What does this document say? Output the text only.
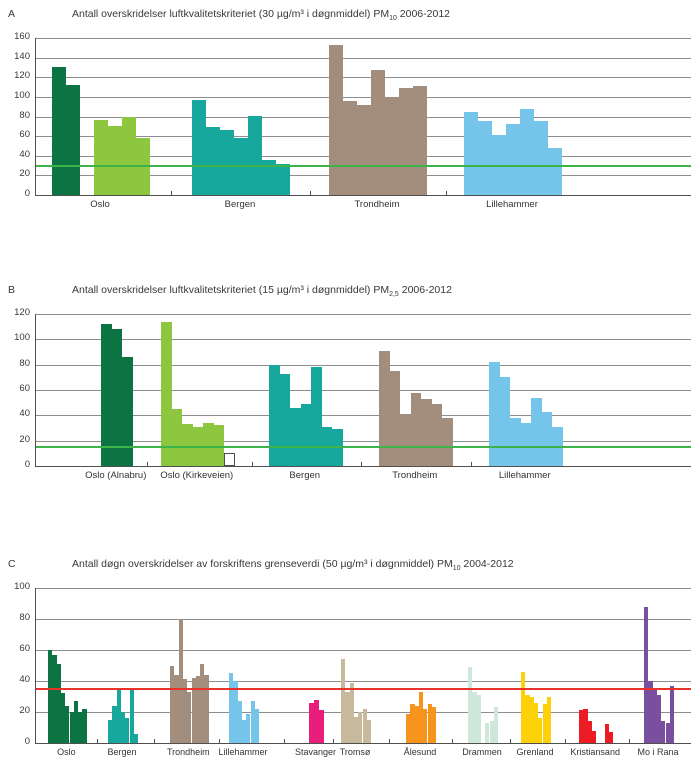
A	Antall overskridelser luftkvalitetskriteriet (30 µg/m³ i døgnmiddel) $PM_{10}$ 2006-2012
0
20
40
60
80
100
120
140
160
Oslo	Bergen	Trondheim	Lillehammer
B	Antall overskridelser luftkvalitetskriteriet (15 µg/m³ i døgnmiddel) $PM_{2,5}$ 2006-2012
0
20
40
60
80
100
120
Oslo (Alnabru) Oslo (Kirkeveien)	Bergen	Trondheim	Lillehammer
C	Antall døgn overskridelser av forskriftens grenseverdi (50 µg/m³ i døgnmiddel) $PM_{10}$ 2004-2012
0
20
40
60
80
100
Oslo	Bergen	Trondheim Lillehammer	Stavanger Tromsø	Ålesund	Drammen Grenland Kristiansand Mo i Rana
